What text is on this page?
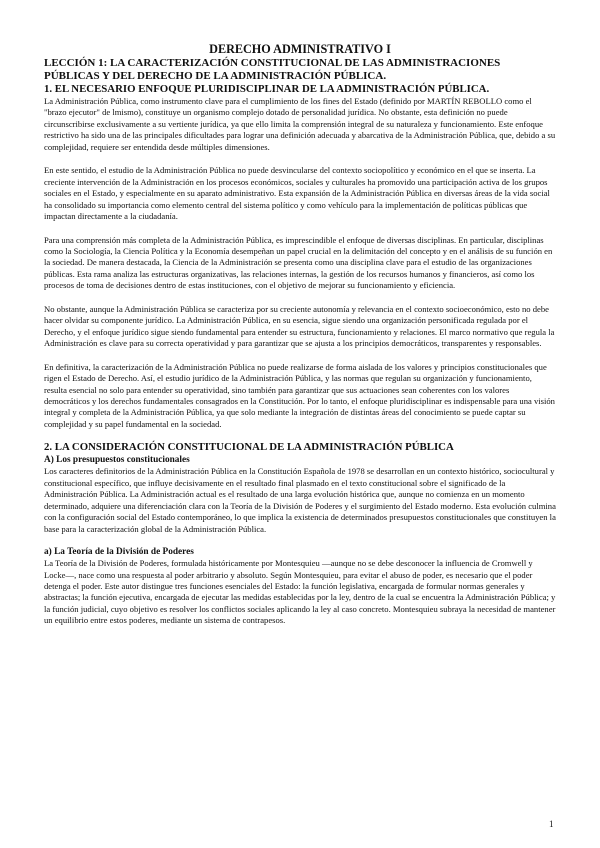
DERECHO ADMINISTRATIVO I
LECCIÓN 1: LA CARACTERIZACIÓN CONSTITUCIONAL DE LAS ADMINISTRACIONES PÚBLICAS Y DEL DERECHO DE LA ADMINISTRACIÓN PÚBLICA.
1. EL NECESARIO ENFOQUE PLURIDISCIPLINAR DE LA ADMINISTRACIÓN PÚBLICA.

La Administración Pública, como instrumento clave para el cumplimiento de los fines del Estado (definido por MARTÍN REBOLLO como el "brazo ejecutor" de lmismo), constituye un organismo complejo dotado de personalidad jurídica. No obstante, esta definición no puede circunscribirse exclusivamente a su vertiente jurídica, ya que ello limita la comprensión integral de su naturaleza y funcionamiento. Este enfoque restrictivo ha sido una de las principales dificultades para lograr una definición adecuada y abarcativa de la Administración Pública, que, debido a su complejidad, requiere ser entendida desde múltiples dimensiones.

En este sentido, el estudio de la Administración Pública no puede desvincularse del contexto sociopolítico y económico en el que se inserta. La creciente intervención de la Administración en los procesos económicos, sociales y culturales ha promovido una participación activa de los grupos sociales en el Estado, y especialmente en su aparato administrativo. Esta expansión de la Administración Pública en diversas áreas de la vida social ha consolidado su importancia como elemento central del sistema político y como vehículo para la implementación de políticas públicas que impactan directamente a la ciudadanía.

Para una comprensión más completa de la Administración Pública, es imprescindible el enfoque de diversas disciplinas. En particular, disciplinas como la Sociología, la Ciencia Política y la Economía desempeñan un papel crucial en la delimitación del concepto y en el análisis de su función en la sociedad. De manera destacada, la Ciencia de la Administración se presenta como una disciplina clave para el estudio de las organizaciones públicas. Esta rama analiza las estructuras organizativas, las relaciones internas, la gestión de los recursos humanos y financieros, así como los procesos de toma de decisiones dentro de estas instituciones, con el objetivo de mejorar su funcionamiento y eficiencia.

No obstante, aunque la Administración Pública se caracteriza por su creciente autonomía y relevancia en el contexto socioeconómico, esto no debe hacer olvidar su componente jurídico. La Administración Pública, en su esencia, sigue siendo una organización personificada regulada por el Derecho, y el enfoque jurídico sigue siendo fundamental para entender su estructura, funcionamiento y relaciones. El marco normativo que regula la Administración es clave para su correcta operatividad y para garantizar que se ajusta a los principios democráticos, transparentes y responsables.

En definitiva, la caracterización de la Administración Pública no puede realizarse de forma aislada de los valores y principios constitucionales que rigen el Estado de Derecho. Así, el estudio jurídico de la Administración Pública, y las normas que regulan su organización y funcionamiento, resulta esencial no solo para entender su operatividad, sino también para garantizar que sus actuaciones sean coherentes con los valores democráticos y los derechos fundamentales consagrados en la Constitución. Por lo tanto, el enfoque pluridisciplinar es indispensable para una visión integral y completa de la Administración Pública, ya que solo mediante la integración de distintas áreas del conocimiento se puede captar su complejidad y su papel fundamental en la sociedad.

2. LA CONSIDERACIÓN CONSTITUCIONAL DE LA ADMINISTRACIÓN PÚBLICA
A) Los presupuestos constitucionales

Los caracteres definitorios de la Administración Pública en la Constitución Española de 1978 se desarrollan en un contexto histórico, sociocultural y constitucional específico, que influye decisivamente en el resultado final plasmado en el texto constitucional sobre el significado de la Administración Pública. La Administración actual es el resultado de una larga evolución histórica que, aunque no comienza en un momento determinado, adquiere una diferenciación clara con la Teoría de la División de Poderes y el surgimiento del Estado moderno. Esta evolución culmina con la configuración social del Estado contemporáneo, lo que implica la existencia de determinados presupuestos constitucionales que constituyen la base para la caracterización global de la Administración Pública.

a) La Teoría de la División de Poderes

La Teoría de la División de Poderes, formulada históricamente por Montesquieu —aunque no se debe desconocer la influencia de Cromwell y Locke—, nace como una respuesta al poder arbitrario y absoluto. Según Montesquieu, para evitar el abuso de poder, es necesario que el poder detenga el poder. Este autor distingue tres funciones esenciales del Estado: la función legislativa, encargada de formular normas generales y abstractas; la función ejecutiva, encargada de ejecutar las medidas establecidas por la ley, dentro de la cual se encuentra la Administración Pública; y la función judicial, cuyo objetivo es resolver los conflictos sociales aplicando la ley al caso concreto. Montesquieu subraya la necesidad de mantener un equilibrio entre estos poderes, mediante un sistema de contrapesos.

1
